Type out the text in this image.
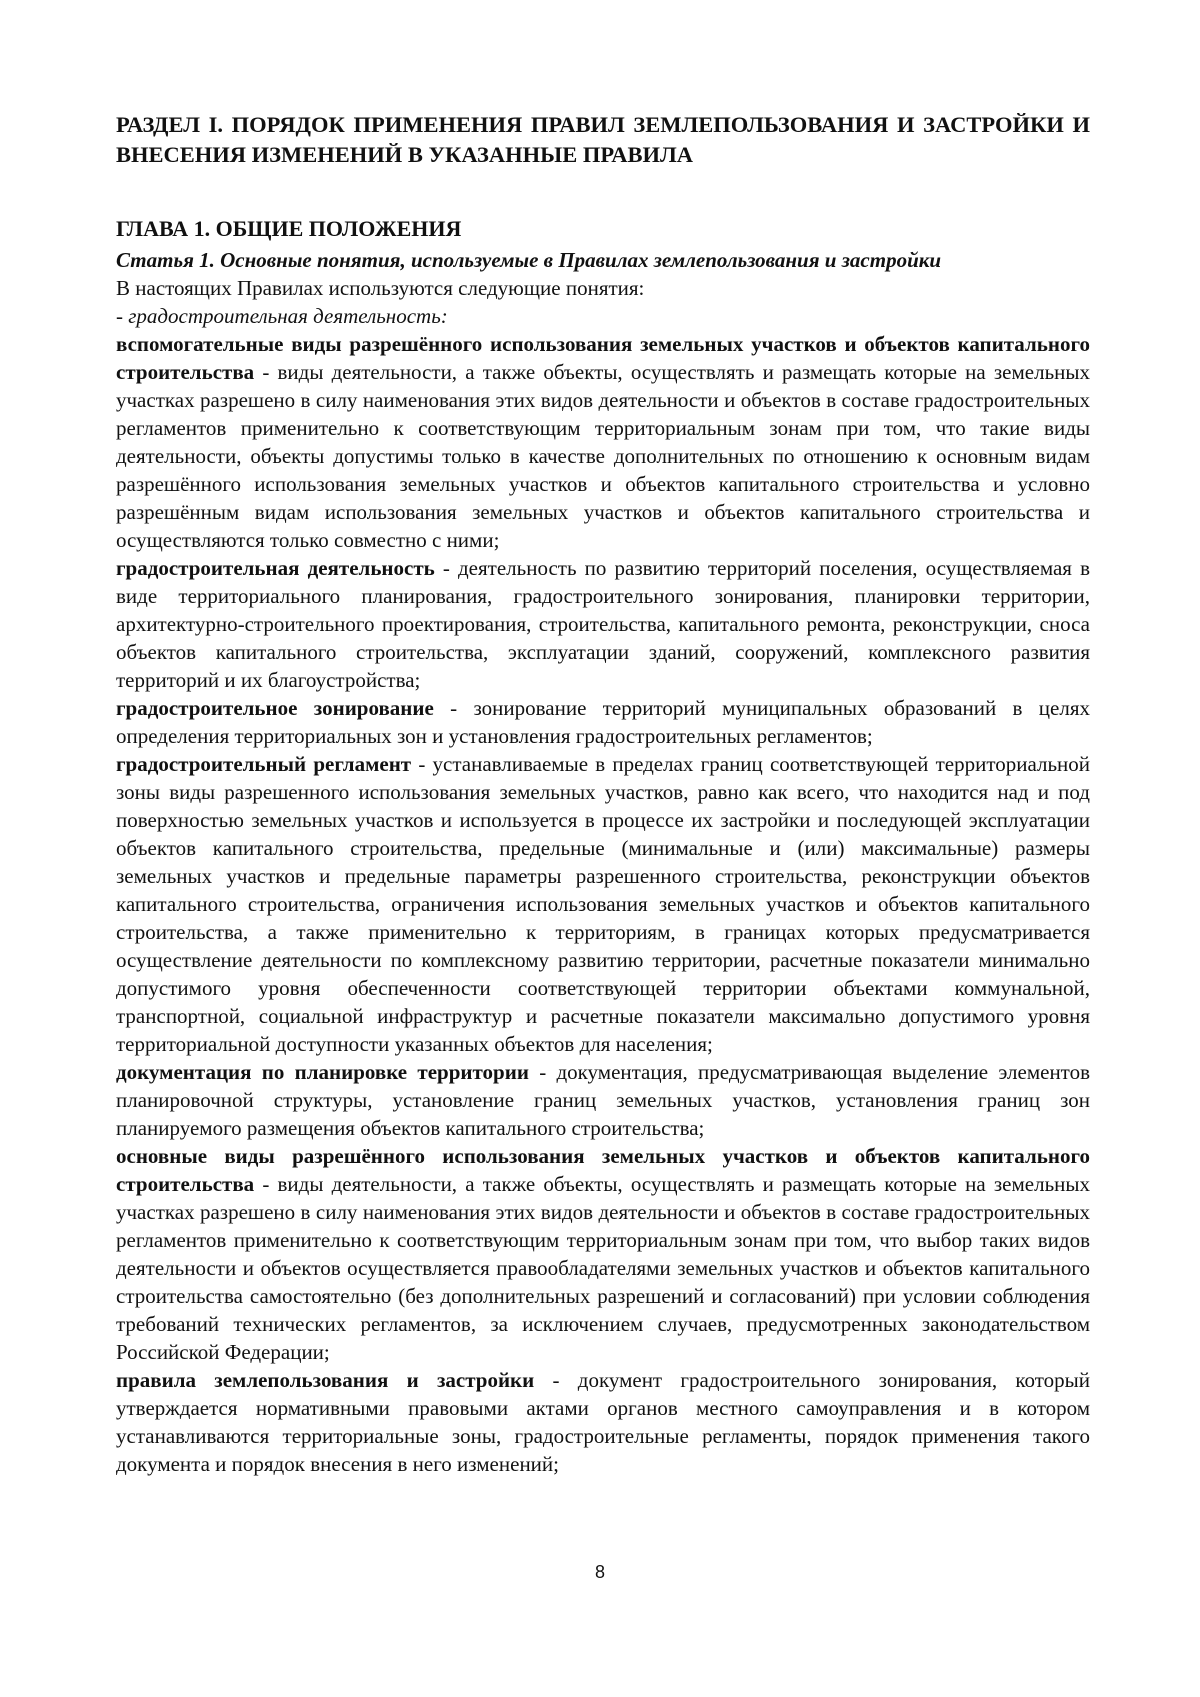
РАЗДЕЛ I. ПОРЯДОК ПРИМЕНЕНИЯ ПРАВИЛ ЗЕМЛЕПОЛЬЗОВАНИЯ И ЗАСТРОЙКИ И ВНЕСЕНИЯ ИЗМЕНЕНИЙ В УКАЗАННЫЕ ПРАВИЛА
ГЛАВА 1. ОБЩИЕ ПОЛОЖЕНИЯ
Статья 1. Основные понятия, используемые в Правилах землепользования и застройки
В настоящих Правилах используются следующие понятия:
- градостроительная деятельность:

вспомогательные виды разрешённого использования земельных участков и объектов капитального строительства - виды деятельности, а также объекты, осуществлять и размещать которые на земельных участках разрешено в силу наименования этих видов деятельности и объектов в составе градостроительных регламентов применительно к соответствующим территориальным зонам при том, что такие виды деятельности, объекты допустимы только в качестве дополнительных по отношению к основным видам разрешённого использования земельных участков и объектов капитального строительства и условно разрешённым видам использования земельных участков и объектов капитального строительства и осуществляются только совместно с ними;

градостроительная деятельность - деятельность по развитию территорий поселения, осуществляемая в виде территориального планирования, градостроительного зонирования, планировки территории, архитектурно-строительного проектирования, строительства, капитального ремонта, реконструкции, сноса объектов капитального строительства, эксплуатации зданий, сооружений, комплексного развития территорий и их благоустройства;

градостроительное зонирование - зонирование территорий муниципальных образований в целях определения территориальных зон и установления градостроительных регламентов;

градостроительный регламент - устанавливаемые в пределах границ соответствующей территориальной зоны виды разрешенного использования земельных участков, равно как всего, что находится над и под поверхностью земельных участков и используется в процессе их застройки и последующей эксплуатации объектов капитального строительства, предельные (минимальные и (или) максимальные) размеры земельных участков и предельные параметры разрешенного строительства, реконструкции объектов капитального строительства, ограничения использования земельных участков и объектов капитального строительства, а также применительно к территориям, в границах которых предусматривается осуществление деятельности по комплексному развитию территории, расчетные показатели минимально допустимого уровня обеспеченности соответствующей территории объектами коммунальной, транспортной, социальной инфраструктур и расчетные показатели максимально допустимого уровня территориальной доступности указанных объектов для населения;

документация по планировке территории - документация, предусматривающая выделение элементов планировочной структуры, установление границ земельных участков, установления границ зон планируемого размещения объектов капитального строительства;

основные виды разрешённого использования земельных участков и объектов капитального строительства - виды деятельности, а также объекты, осуществлять и размещать которые на земельных участках разрешено в силу наименования этих видов деятельности и объектов в составе градостроительных регламентов применительно к соответствующим территориальным зонам при том, что выбор таких видов деятельности и объектов осуществляется правообладателями земельных участков и объектов капитального строительства самостоятельно (без дополнительных разрешений и согласований) при условии соблюдения требований технических регламентов, за исключением случаев, предусмотренных законодательством Российской Федерации;

правила землепользования и застройки - документ градостроительного зонирования, который утверждается нормативными правовыми актами органов местного самоуправления и в котором устанавливаются территориальные зоны, градостроительные регламенты, порядок применения такого документа и порядок внесения в него изменений;

8
